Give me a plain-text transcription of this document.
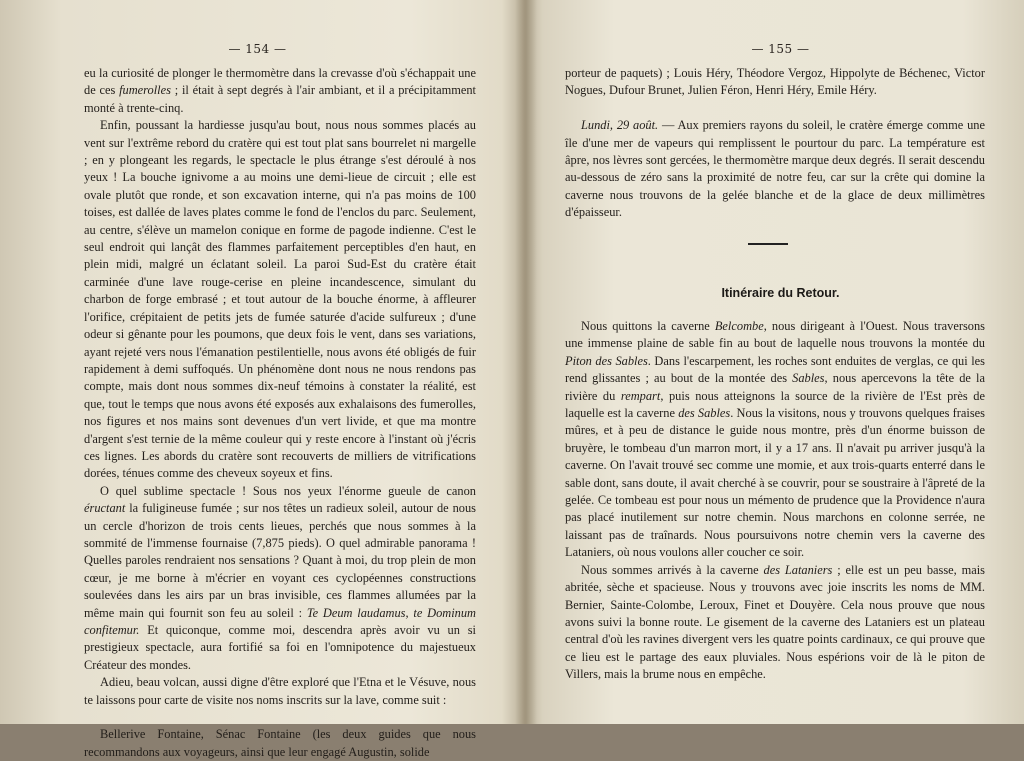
— 154 —

eu la curiosité de plonger le thermomètre dans la crevasse d'où s'échappait une de ces fumerolles ; il était à sept degrés à l'air ambiant, et il a précipitamment monté à trente-cinq.

Enfin, poussant la hardiesse jusqu'au bout, nous nous sommes placés au vent sur l'extrême rebord du cratère qui est tout plat sans bourrelet ni margelle ; en y plongeant les regards, le spectacle le plus étrange s'est déroulé à nos yeux ! La bouche ignivome a au moins une demi-lieue de circuit ; elle est ovale plutôt que ronde, et son excavation interne, qui n'a pas moins de 100 toises, est dallée de laves plates comme le fond de l'enclos du parc. Seulement, au centre, s'élève un mamelon conique en forme de pagode indienne. C'est le seul endroit qui lançât des flammes parfaitement perceptibles d'en haut, en plein midi, malgré un éclatant soleil. La paroi Sud-Est du cratère était carminée d'une lave rouge-cerise en pleine incandescence, simulant du charbon de forge embrasé ; et tout autour de la bouche énorme, à affleurer l'orifice, crépitaient de petits jets de fumée saturée d'acide sulfureux ; d'une odeur si gênante pour les poumons, que deux fois le vent, dans ses variations, ayant rejeté vers nous l'émanation pestilentielle, nous avons été obligés de fuir rapidement à demi suffoqués. Un phénomène dont nous ne nous rendons pas compte, mais dont nous sommes dix-neuf témoins à constater la réalité, est que, tout le temps que nous avons été exposés aux exhalaisons des fumerolles, nos figures et nos mains sont devenues d'un vert livide, et que ma montre d'argent s'est ternie de la même couleur qui y reste encore à l'instant où j'écris ces lignes. Les abords du cratère sont recouverts de milliers de vitrifications dorées, ténues comme des cheveux soyeux et fins.

O quel sublime spectacle ! Sous nos yeux l'énorme gueule de canon éructant la fuligineuse fumée ; sur nos têtes un radieux soleil, autour de nous un cercle d'horizon de trois cents lieues, perchés que nous sommes à la sommité de l'immense fournaise (7,875 pieds). O quel admirable panorama ! Quelles paroles rendraient nos sensations ? Quant à moi, du trop plein de mon cœur, je me borne à m'écrier en voyant ces cyclopéennes constructions soulevées dans les airs par un bras invisible, ces flammes allumées par la même main qui fournit son feu au soleil : Te Deum laudamus, te Dominum confitemur. Et quiconque, comme moi, descendra après avoir vu un si prestigieux spectacle, aura fortifié sa foi en l'omnipotence du majestueux Créateur des mondes.

Adieu, beau volcan, aussi digne d'être exploré que l'Etna et le Vésuve, nous te laissons pour carte de visite nos noms inscrits sur la lave, comme suit :

Bellerive Fontaine, Sénac Fontaine (les deux guides que nous recommandons aux voyageurs, ainsi que leur engagé Augustin, solide

— 155 —

porteur de paquets) ; Louis Héry, Théodore Vergoz, Hippolyte de Béchenec, Victor Nogues, Dufour Brunet, Julien Féron, Henri Héry, Emile Héry.

Lundi, 29 août. — Aux premiers rayons du soleil, le cratère émerge comme une île d'une mer de vapeurs qui remplissent le pourtour du parc. La température est âpre, nos lèvres sont gercées, le thermomètre marque deux degrés. Il serait descendu au-dessous de zéro sans la proximité de notre feu, car sur la crête qui domine la caverne nous trouvons de la gelée blanche et de la glace de deux millimètres d'épaisseur.

Itinéraire du Retour.

Nous quittons la caverne Belcombe, nous dirigeant à l'Ouest. Nous traversons une immense plaine de sable fin au bout de laquelle nous trouvons la montée du Piton des Sables. Dans l'escarpement, les roches sont enduites de verglas, ce qui les rend glissantes ; au bout de la montée des Sables, nous apercevons la tête de la rivière du rempart, puis nous atteignons la source de la rivière de l'Est près de laquelle est la caverne des Sables. Nous la visitons, nous y trouvons quelques fraises mûres, et à peu de distance le guide nous montre, près d'un énorme buisson de bruyère, le tombeau d'un marron mort, il y a 17 ans. Il n'avait pu arriver jusqu'à la caverne. On l'avait trouvé sec comme une momie, et aux trois-quarts enterré dans le sable dont, sans doute, il avait cherché à se couvrir, pour se soustraire à l'âpreté de la gelée. Ce tombeau est pour nous un mémento de prudence que la Providence n'aura pas placé inutilement sur notre chemin. Nous marchons en colonne serrée, ne laissant pas de traînards. Nous poursuivons notre chemin vers la caverne des Lataniers, où nous voulons aller coucher ce soir.

Nous sommes arrivés à la caverne des Lataniers ; elle est un peu basse, mais abritée, sèche et spacieuse. Nous y trouvons avec joie inscrits les noms de MM. Bernier, Sainte-Colombe, Leroux, Finet et Douyère. Cela nous prouve que nous avons suivi la bonne route. Le gisement de la caverne des Lataniers est un plateau central d'où les ravines divergent vers les quatre points cardinaux, ce qui prouve que ce lieu est le partage des eaux pluviales. Nous espérions voir de là le piton de Villers, mais la brume nous en empêche.
